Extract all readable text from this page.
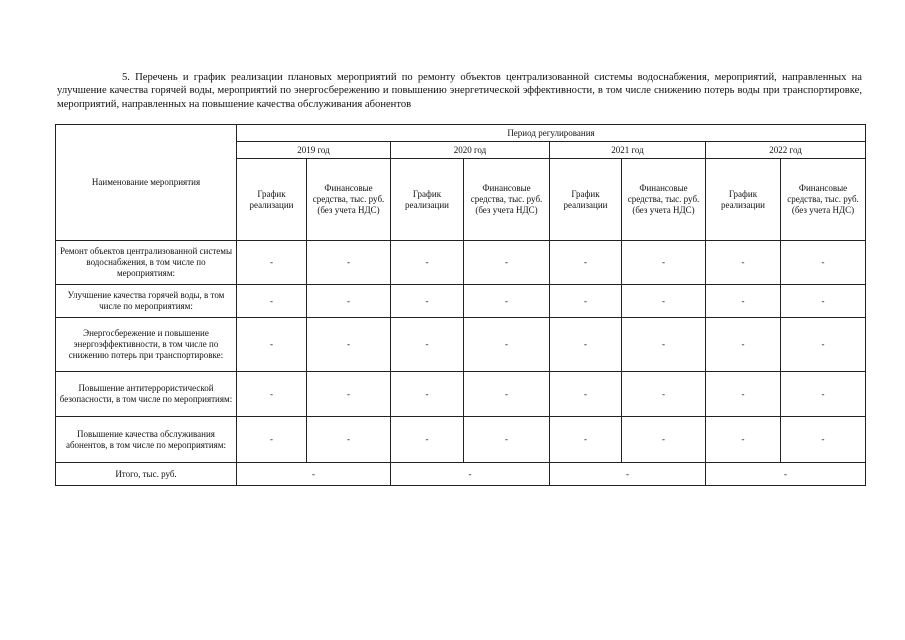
5. Перечень и график реализации плановых мероприятий по ремонту объектов централизованной системы водоснабжения, мероприятий, направленных на улучшение качества горячей воды, мероприятий по энергосбережению и повышению энергетической эффективности, в том числе снижению потерь воды при транспортировке, мероприятий, направленных на повышение качества обслуживания абонентов

Наименование мероприятия	Период регулирования							
	2019 год		2020 год		2021 год		2022 год	
	График реализации	Финансовые средства, тыс. руб. (без учета НДС)	График реализации	Финансовые средства, тыс. руб. (без учета НДС)	График реализации	Финансовые средства, тыс. руб. (без учета НДС)	График реализации	Финансовые средства, тыс. руб. (без учета НДС)
Ремонт объектов централизованной системы водоснабжения, в том числе по мероприятиям:	-	-	-	-	-	-	-	-
Улучшение качества горячей воды, в том числе по мероприятиям:	-	-	-	-	-	-	-	-
Энергосбережение и повышение энергоэффективности, в том числе по снижению потерь при транспортировке:	-	-	-	-	-	-	-	-
Повышение антитеррористической безопасности, в том числе по мероприятиям:	-	-	-	-	-	-	-	-
Повышение качества обслуживания абонентов, в том числе по мероприятиям:	-	-	-	-	-	-	-	-
Итого, тыс. руб.	-		-		-		-	
